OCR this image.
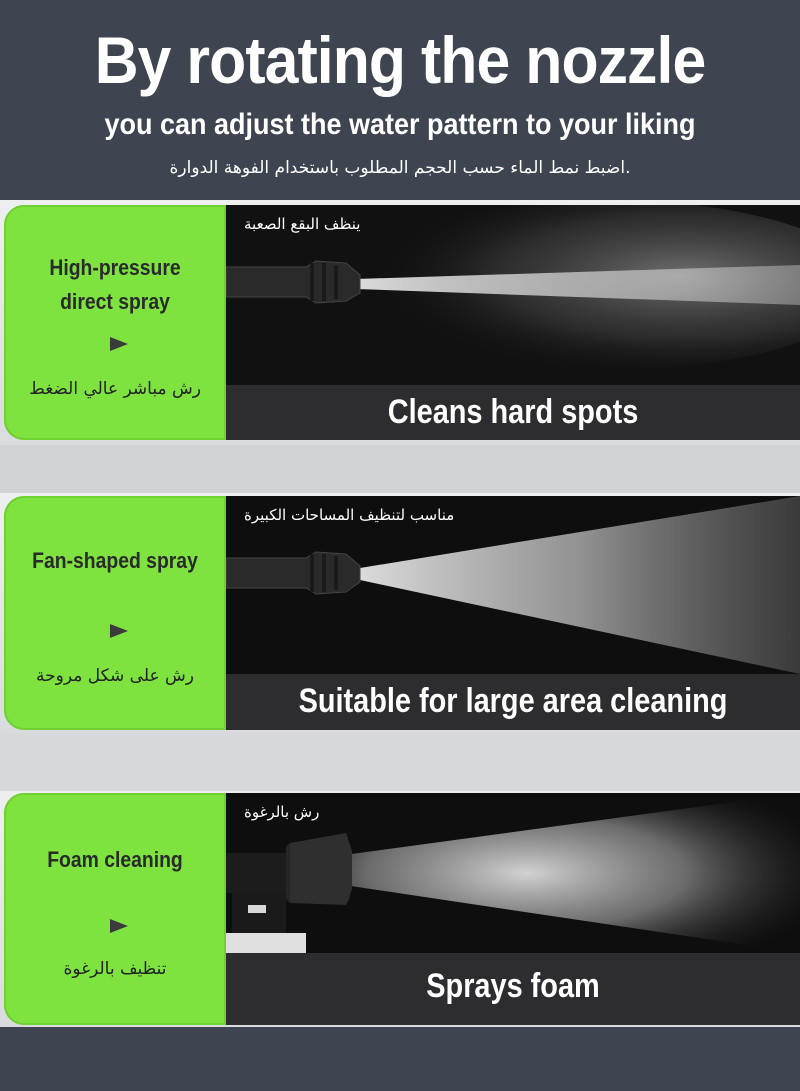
By rotating the nozzle
you can adjust the water pattern to your liking
.اضبط نمط الماء حسب الحجم المطلوب باستخدام الفوهة الدوارة
High-pressure
direct spray
رش مباشر عالي الضغط
ينظف البقع الصعبة
Cleans hard spots
Fan-shaped spray
رش على شكل مروحة
مناسب لتنظيف المساحات الكبيرة
Suitable for large area cleaning
Foam cleaning
تنظيف بالرغوة
رش بالرغوة
Sprays foam
